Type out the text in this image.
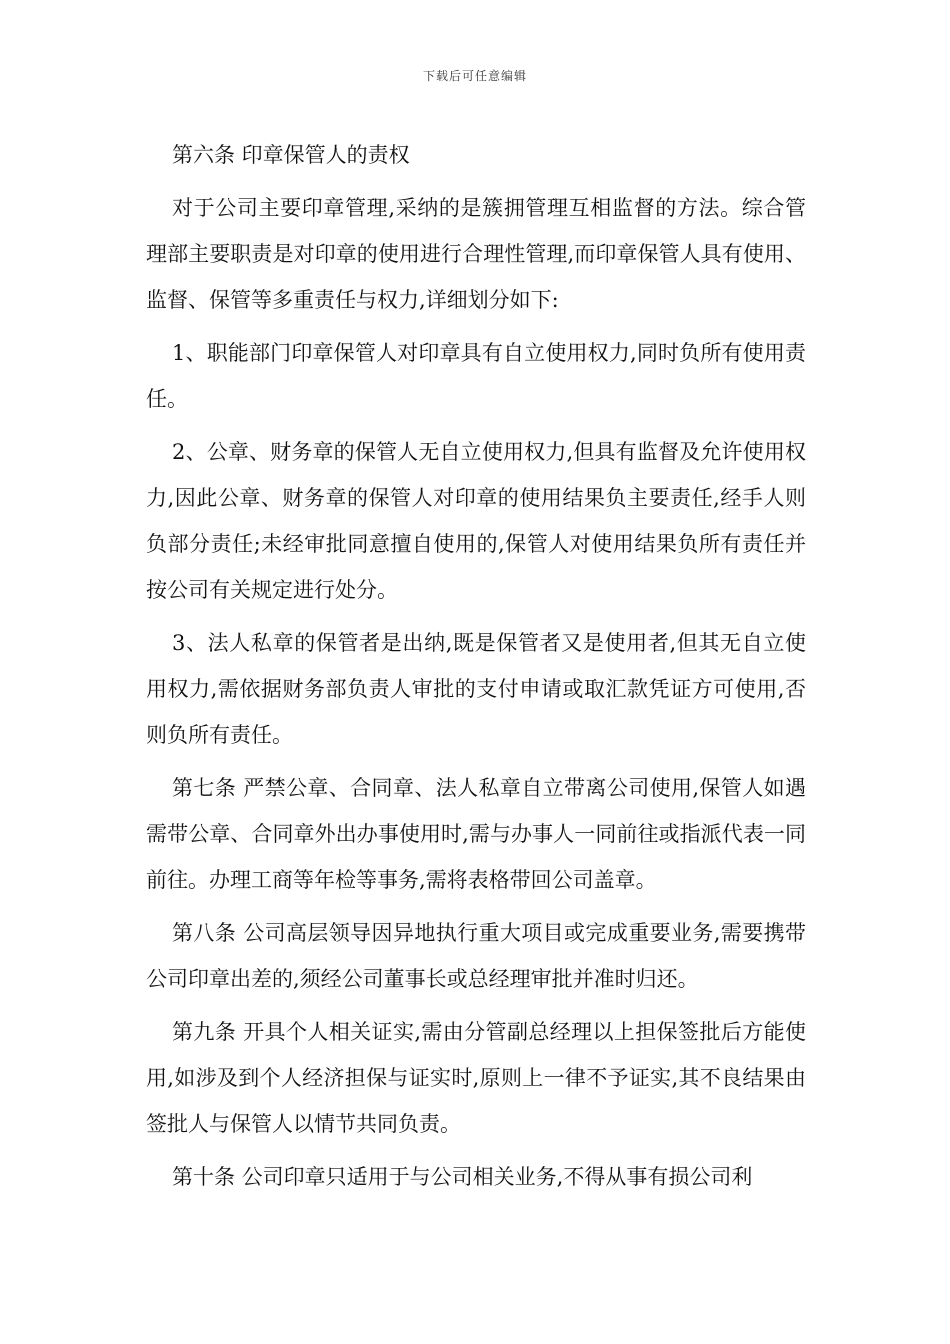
下载后可任意编辑

第六条 印章保管人的责权

对于公司主要印章管理,采纳的是簇拥管理互相监督的方法。综合管理部主要职责是对印章的使用进行合理性管理,而印章保管人具有使用、监督、保管等多重责任与权力,详细划分如下:

1、职能部门印章保管人对印章具有自立使用权力,同时负所有使用责任。

2、公章、财务章的保管人无自立使用权力,但具有监督及允许使用权力,因此公章、财务章的保管人对印章的使用结果负主要责任,经手人则负部分责任;未经审批同意擅自使用的,保管人对使用结果负所有责任并按公司有关规定进行处分。

3、法人私章的保管者是出纳,既是保管者又是使用者,但其无自立使用权力,需依据财务部负责人审批的支付申请或取汇款凭证方可使用,否则负所有责任。

第七条 严禁公章、合同章、法人私章自立带离公司使用,保管人如遇需带公章、合同章外出办事使用时,需与办事人一同前往或指派代表一同前往。办理工商等年检等事务,需将表格带回公司盖章。

第八条 公司高层领导因异地执行重大项目或完成重要业务,需要携带公司印章出差的,须经公司董事长或总经理审批并准时归还。

第九条 开具个人相关证实,需由分管副总经理以上担保签批后方能使用,如涉及到个人经济担保与证实时,原则上一律不予证实,其不良结果由签批人与保管人以情节共同负责。

第十条 公司印章只适用于与公司相关业务,不得从事有损公司利
